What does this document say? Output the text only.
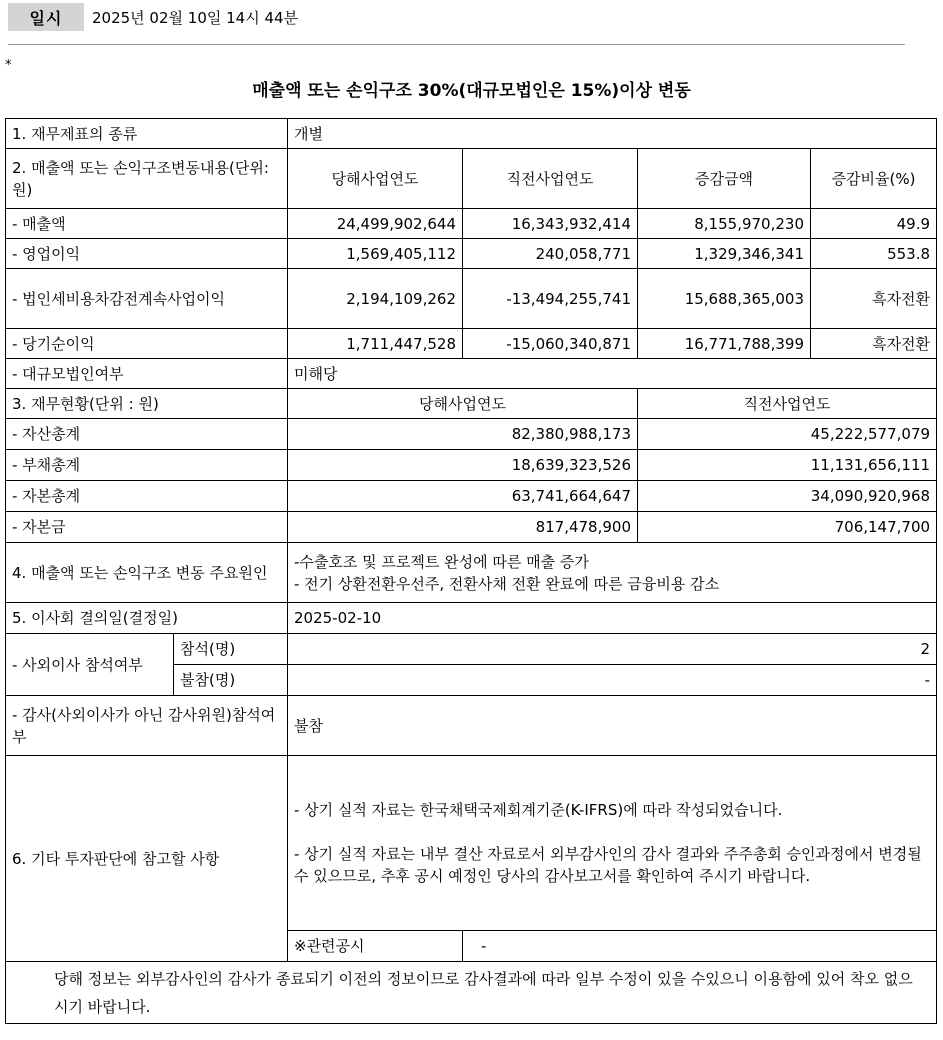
일시	2025년 02월 10일 14시 44분
*
매출액 또는 손익구조 30%(대규모법인은 15%)이상 변동
1. 재무제표의 종류		개별			
2. 매출액 또는 손익구조변동내용(단위: 원)		당해사업연도	직전사업연도	증감금액	증감비율(%)
- 매출액		24,499,902,644	16,343,932,414	8,155,970,230	49.9
- 영업이익		1,569,405,112	240,058,771	1,329,346,341	553.8
- 법인세비용차감전계속사업이익		2,194,109,262	-13,494,255,741	15,688,365,003	흑자전환
- 당기순이익		1,711,447,528	-15,060,340,871	16,771,788,399	흑자전환
- 대규모법인여부		미해당			
3. 재무현황(단위 : 원)		당해사업연도		직전사업연도	
- 자산총계		82,380,988,173		45,222,577,079	
- 부채총계		18,639,323,526		11,131,656,111	
- 자본총계		63,741,664,647		34,090,920,968	
- 자본금		817,478,900		706,147,700	
4. 매출액 또는 손익구조 변동 주요원인		-수출호조 및 프로젝트 완성에 따른 매출 증가
- 전기 상환전환우선주, 전환사채 전환 완료에 따른 금융비용 감소			

5. 이사회 결의일(결정일)		2025-02-10			
- 사외이사 참석여부	참석(명)	2			
	불참(명)	-			
- 감사(사외이사가 아닌 감사위원)참석여부		불참			
6. 기타 투자판단에 참고할 사항		- 상기 실적 자료는 한국채택국제회계기준(K-IFRS)에 따라 작성되었습니다.
- 상기 실적 자료는 내부 결산 자료로서 외부감사인의 감사 결과와 주주총회 승인과정에서 변경될 수 있으므로, 추후 공시 예정인 당사의 감사보고서를 확인하여 주시기 바랍니다.			

		※관련공시	-		
당해 정보는 외부감사인의 감사가 종료되기 이전의 정보이므로 감사결과에 따라 일부 수정이 있을 수있으니 이용함에 있어 착오 없으시기 바랍니다.					
